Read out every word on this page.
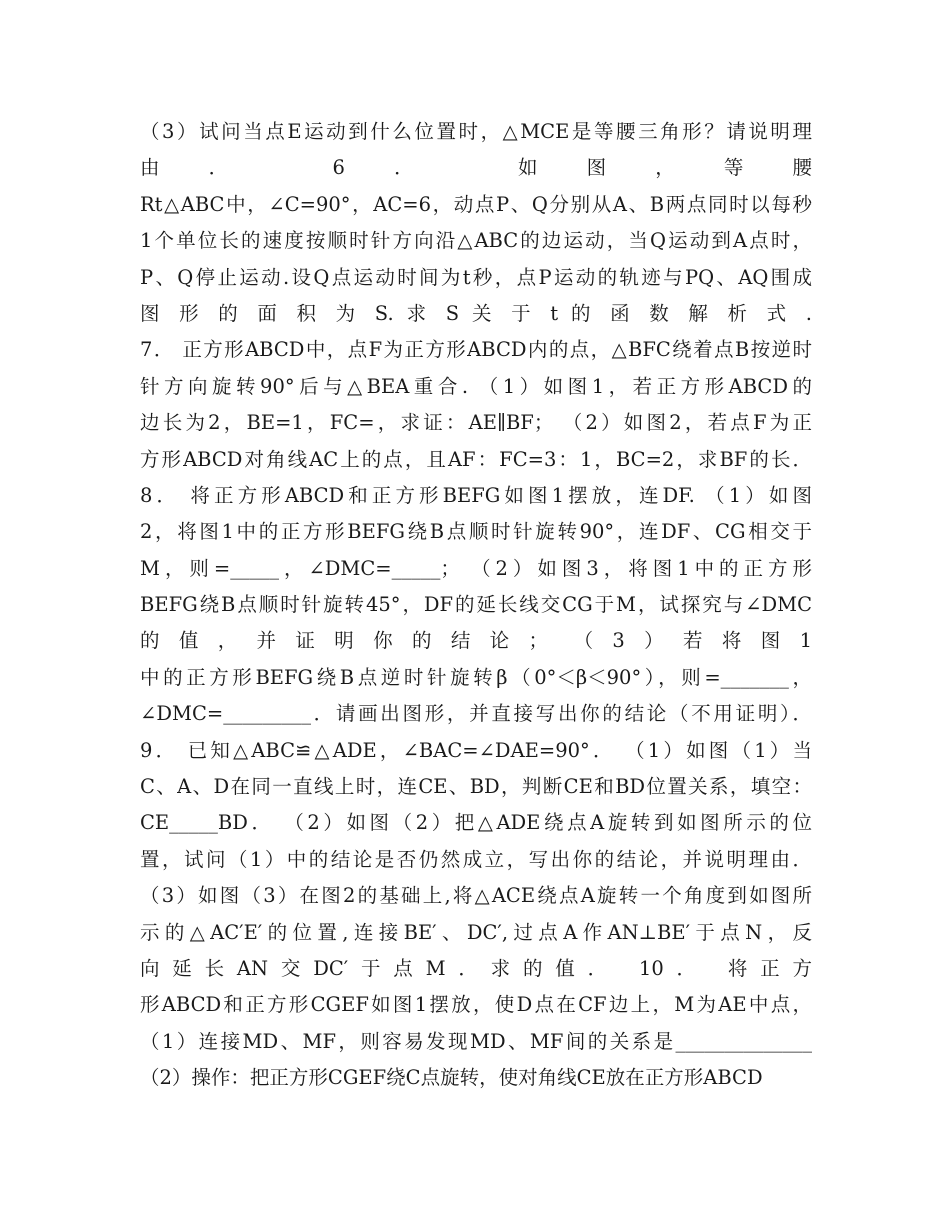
（3）试问当点E运动到什么位置时，△MCE是等腰三角形？请说明理
由． 6． 如图，等腰
Rt△ABC中，∠C=90°，AC=6，动点P、Q分别从A、B两点同时以每秒
1个单位长的速度按顺时针方向沿△ABC的边运动，当Q运动到A点时，
P、Q停止运动.设Q点运动时间为t秒，点P运动的轨迹与PQ、AQ围成
图 形 的 面 积 为 S. 求 S 关 于 t 的 函 数 解 析 式 .
7． 正方形ABCD中，点F为正方形ABCD内的点，△BFC绕着点B按逆时
针方向旋转90°后与△BEA重合. （1）如图1，若正方形ABCD的
边长为2，BE=1，FC=，求证：AE∥BF； （2）如图2，若点F为正
方形ABCD对角线AC上的点，且AF：FC=3：1，BC=2，求BF的长．
8． 将正方形ABCD和正方形BEFG如图1摆放，连DF. （1）如图
2，将图1中的正方形BEFG绕B点顺时针旋转90°，连DF、CG相交于
M，则=_____，∠DMC=_____； （2）如图3，将图1中的正方形
BEFG绕B点顺时针旋转45°，DF的延长线交CG于M，试探究与∠DMC
的值，并证明你的结论； （3）若将图1
中的正方形BEFG绕B点逆时针旋转β（0°＜β＜90°），则=_______，
∠DMC=_________．请画出图形，并直接写出你的结论（不用证明）．
9． 已知△ABC≌△ADE，∠BAC=∠DAE=90°． （1）如图（1）当
C、A、D在同一直线上时，连CE、BD，判断CE和BD位置关系，填空：
CE_____BD． （2）如图（2）把△ADE绕点A旋转到如图所示的位
置，试问（1）中的结论是否仍然成立，写出你的结论，并说明理由．
（3）如图（3）在图2的基础上,将△ACE绕点A旋转一个角度到如图所
示的△AC′E′的位置,连接BE′、DC′,过点A作AN⊥BE′于点N，反
向延长AN交DC′于点M．求的值． 10． 将正方
形ABCD和正方形CGEF如图1摆放，使D点在CF边上，M为AE中点，
（1）连接MD、MF，则容易发现MD、MF间的关系是______________
（2）操作：把正方形CGEF绕C点旋转，使对角线CE放在正方形ABCD
